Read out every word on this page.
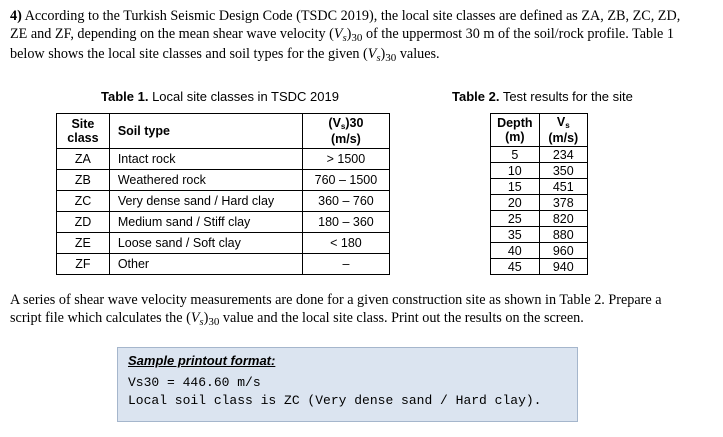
4) According to the Turkish Seismic Design Code (TSDC 2019), the local site classes are defined as ZA, ZB, ZC, ZD,
ZE and ZF, depending on the mean shear wave velocity $(V_s)_{30}$ of the uppermost 30 m of the soil/rock profile. Table 1
below shows the local site classes and soil types for the given $(V_s)_{30}$ values.

Table 1. Local site classes in TSDC 2019	Table 2. Test results for the site
Site
class	Soil type	(Vs)30
(m/s)
ZA	Intact rock	> 1500
ZB	Weathered rock	760 – 1500
ZC	Very dense sand / Hard clay	360 – 760
ZD	Medium sand / Stiff clay	180 – 360
ZE	Loose sand / Soft clay	< 180
ZF	Other	–
Depth
(m)	Vs
(m/s)
5	234
10	350
15	451
20	378
25	820
35	880
40	960
45	940

A series of shear wave velocity measurements are done for a given construction site as shown in Table 2. Prepare a
script file which calculates the $(V_s)_{30}$ value and the local site class. Print out the results on the screen.

Sample printout format:
Vs30 = 446.60 m/s
Local soil class is ZC (Very dense sand / Hard clay).
